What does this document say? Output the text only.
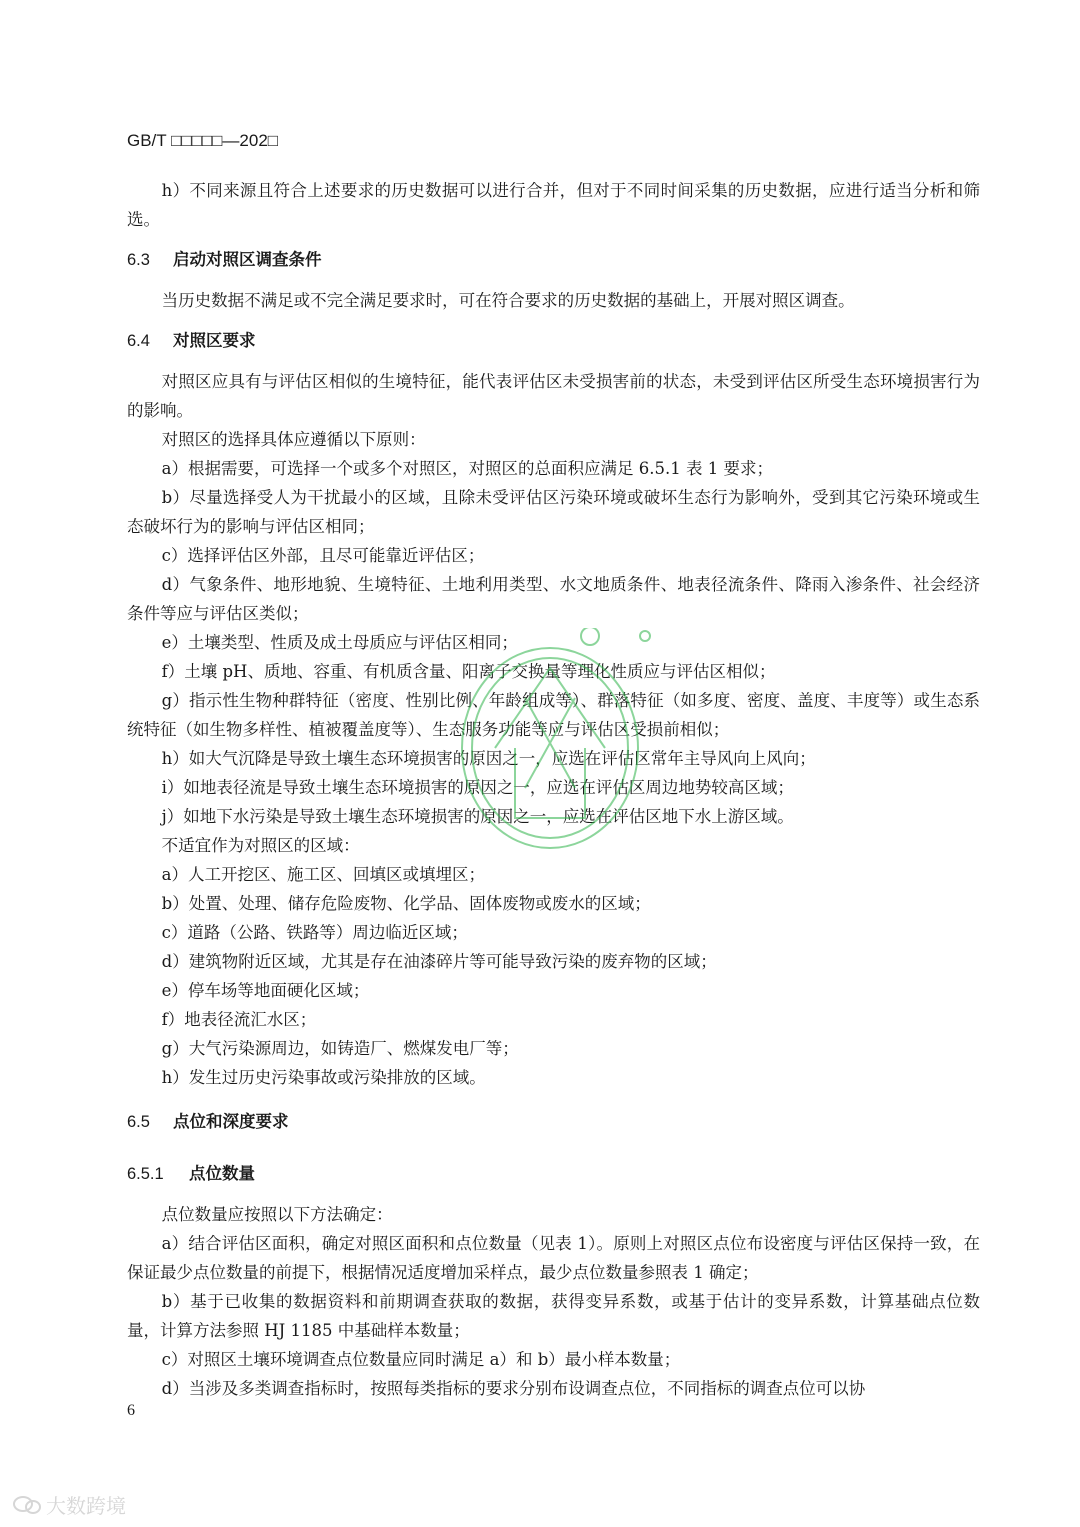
GB/T □□□□□—202□

h）不同来源且符合上述要求的历史数据可以进行合并，但对于不同时间采集的历史数据，应进行适当分析和筛选。

6.3 启动对照区调查条件

当历史数据不满足或不完全满足要求时，可在符合要求的历史数据的基础上，开展对照区调查。

6.4 对照区要求

对照区应具有与评估区相似的生境特征，能代表评估区未受损害前的状态，未受到评估区所受生态环境损害行为的影响。

对照区的选择具体应遵循以下原则：

a）根据需要，可选择一个或多个对照区，对照区的总面积应满足 6.5.1 表 1 要求；

b）尽量选择受人为干扰最小的区域，且除未受评估区污染环境或破坏生态行为影响外，受到其它污染环境或生态破坏行为的影响与评估区相同；

c）选择评估区外部，且尽可能靠近评估区；

d）气象条件、地形地貌、生境特征、土地利用类型、水文地质条件、地表径流条件、降雨入渗条件、社会经济条件等应与评估区类似；

e）土壤类型、性质及成土母质应与评估区相同；

f）土壤 pH、质地、容重、有机质含量、阳离子交换量等理化性质应与评估区相似；

g）指示性生物种群特征（密度、性别比例、年龄组成等）、群落特征（如多度、密度、盖度、丰度等）或生态系统特征（如生物多样性、植被覆盖度等）、生态服务功能等应与评估区受损前相似；

h）如大气沉降是导致土壤生态环境损害的原因之一，应选在评估区常年主导风向上风向；

i）如地表径流是导致土壤生态环境损害的原因之一，应选在评估区周边地势较高区域；

j）如地下水污染是导致土壤生态环境损害的原因之一，应选在评估区地下水上游区域。

不适宜作为对照区的区域：

a）人工开挖区、施工区、回填区或填埋区；

b）处置、处理、储存危险废物、化学品、固体废物或废水的区域；

c）道路（公路、铁路等）周边临近区域；

d）建筑物附近区域，尤其是存在油漆碎片等可能导致污染的废弃物的区域；

e）停车场等地面硬化区域；

f）地表径流汇水区；

g）大气污染源周边，如铸造厂、燃煤发电厂等；

h）发生过历史污染事故或污染排放的区域。

6.5 点位和深度要求
6.5.1 点位数量

点位数量应按照以下方法确定：

a）结合评估区面积，确定对照区面积和点位数量（见表 1）。原则上对照区点位布设密度与评估区保持一致，在保证最少点位数量的前提下，根据情况适度增加采样点，最少点位数量参照表 1 确定；

b）基于已收集的数据资料和前期调查获取的数据，获得变异系数，或基于估计的变异系数，计算基础点位数量，计算方法参照 HJ 1185 中基础样本数量；

c）对照区土壤环境调查点位数量应同时满足 a）和 b）最小样本数量；

d）当涉及多类调查指标时，按照每类指标的要求分别布设调查点位，不同指标的调查点位可以协

6
大数跨境
